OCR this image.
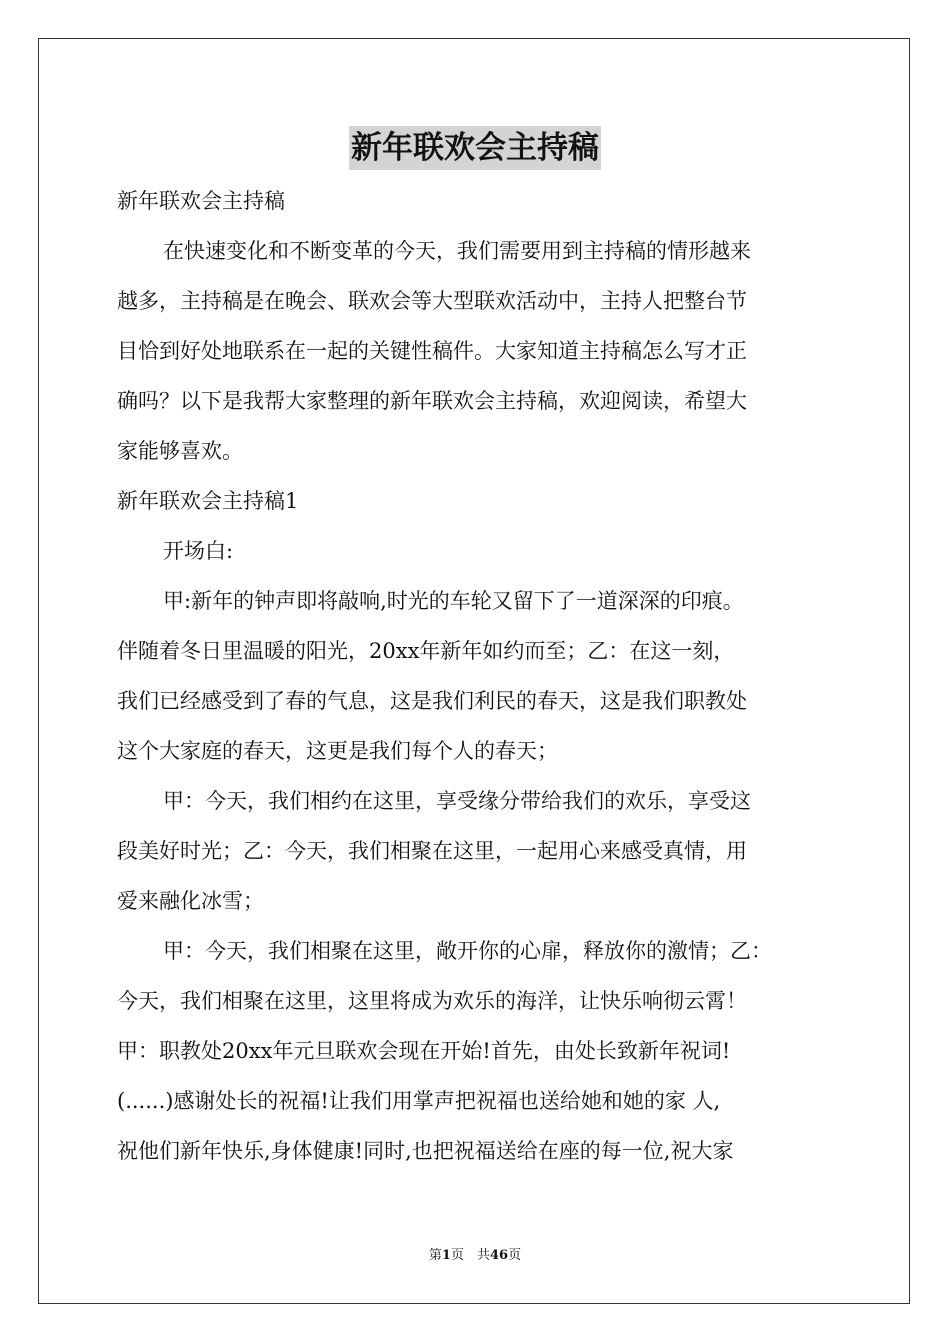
新年联欢会主持稿

新年联欢会主持稿

在快速变化和不断变革的今天，我们需要用到主持稿的情形越来

越多，主持稿是在晚会、联欢会等大型联欢活动中，主持人把整台节

目恰到好处地联系在一起的关键性稿件。大家知道主持稿怎么写才正

确吗？以下是我帮大家整理的新年联欢会主持稿，欢迎阅读，希望大

家能够喜欢。

新年联欢会主持稿1

开场白:

甲:新年的钟声即将敲响,时光的车轮又留下了一道深深的印痕。

伴随着冬日里温暖的阳光，20xx年新年如约而至；乙：在这一刻，

我们已经感受到了春的气息，这是我们利民的春天，这是我们职教处

这个大家庭的春天，这更是我们每个人的春天；

甲：今天，我们相约在这里，享受缘分带给我们的欢乐，享受这

段美好时光；乙：今天，我们相聚在这里，一起用心来感受真情，用

爱来融化冰雪；

甲：今天，我们相聚在这里，敞开你的心扉，释放你的激情；乙：

今天，我们相聚在这里，这里将成为欢乐的海洋，让快乐响彻云霄！

甲：职教处20xx年元旦联欢会现在开始!首先，由处长致新年祝词!

(......)感谢处长的祝福!让我们用掌声把祝福也送给她和她的家 人,

祝他们新年快乐,身体健康!同时,也把祝福送给在座的每一位,祝大家

第1页　共46页
